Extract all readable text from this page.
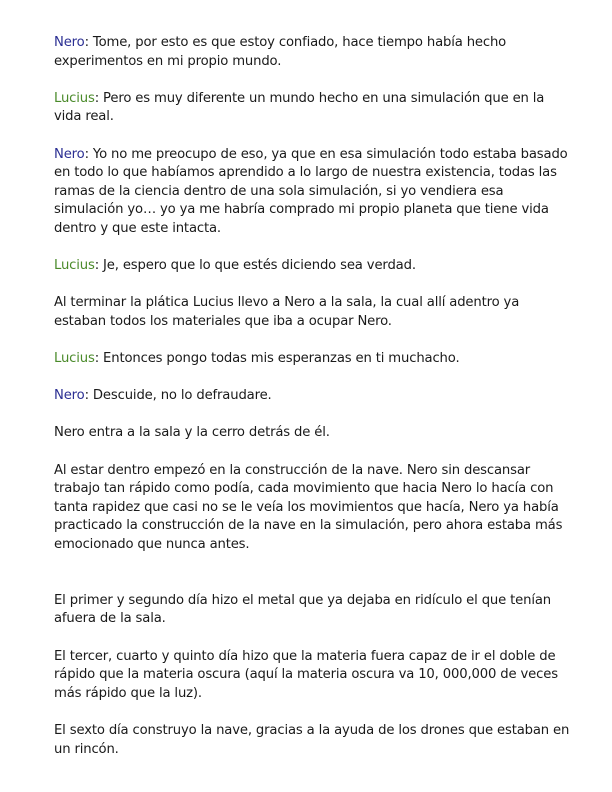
Nero: Tome, por esto es que estoy confiado, hace tiempo había hecho experimentos en mi propio mundo.

Lucius: Pero es muy diferente un mundo hecho en una simulación que en la vida real.

Nero: Yo no me preocupo de eso, ya que en esa simulación todo estaba basado en todo lo que habíamos aprendido a lo largo de nuestra existencia, todas las ramas de la ciencia dentro de una sola simulación, si yo vendiera esa simulación yo… yo ya me habría comprado mi propio planeta que tiene vida dentro y que este intacta.

Lucius: Je, espero que lo que estés diciendo sea verdad.

Al terminar la plática Lucius llevo a Nero a la sala, la cual allí adentro ya estaban todos los materiales que iba a ocupar Nero.

Lucius: Entonces pongo todas mis esperanzas en ti muchacho.

Nero: Descuide, no lo defraudare.

Nero entra a la sala y la cerro detrás de él.

Al estar dentro empezó en la construcción de la nave. Nero sin descansar trabajo tan rápido como podía, cada movimiento que hacia Nero lo hacía con tanta rapidez que casi no se le veía los movimientos que hacía, Nero ya había practicado la construcción de la nave en la simulación, pero ahora estaba más emocionado que nunca antes.

El primer y segundo día hizo el metal que ya dejaba en ridículo el que tenían afuera de la sala.

El tercer, cuarto y quinto día hizo que la materia fuera capaz de ir el doble de rápido que la materia oscura (aquí la materia oscura va 10, 000,000 de veces más rápido que la luz).

El sexto día construyo la nave, gracias a la ayuda de los drones que estaban en un rincón.
